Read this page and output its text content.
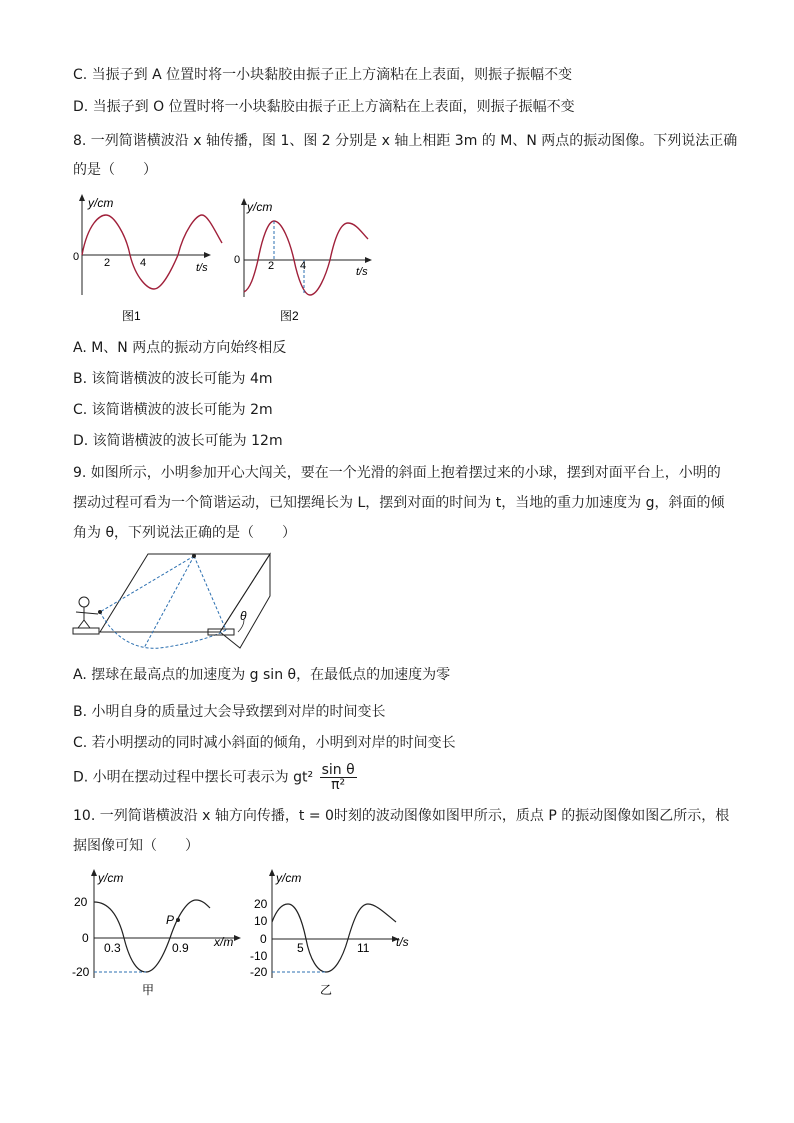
C. 当振子到 A 位置时将一小块黏胶由振子正上方滴粘在上表面，则振子振幅不变
D. 当振子到 O 位置时将一小块黏胶由振子正上方滴粘在上表面，则振子振幅不变
8. 一列简谐横波沿 x 轴传播，图 1、图 2 分别是 x 轴上相距 3m 的 M、N 两点的振动图像。下列说法正确
的是（　　）
y/cm
0 2	4	t/s
图1
y/cm
0	2 4	t/s
图2
A. M、N 两点的振动方向始终相反
B. 该简谐横波的波长可能为 4m
C. 该简谐横波的波长可能为 2m
D. 该简谐横波的波长可能为 12m
9. 如图所示，小明参加开心大闯关，要在一个光滑的斜面上抱着摆过来的小球，摆到对面平台上，小明的
摆动过程可看为一个简谐运动，已知摆绳长为 L，摆到对面的时间为 t，当地的重力加速度为 g，斜面的倾
角为 θ，下列说法正确的是（　　）
θ
A. 摆球在最高点的加速度为 g sin θ，在最低点的加速度为零
B. 小明自身的质量过大会导致摆到对岸的时间变长
C. 若小明摆动的同时减小斜面的倾角，小明到对岸的时间变长
D. 小明在摆动过程中摆长可表示为 $gt^2 \frac{\text{sin θ}}{\text{π²}}$
10. 一列简谐横波沿 x 轴方向传播，t = 0时刻的波动图像如图甲所示，质点 P 的振动图像如图乙所示，根
据图像可知（　　）
y/cm
20
0
-20
0.3	0.9
P
x/m
甲
y/cm
20
10
0
-10
-20
5	11 t/s
乙
